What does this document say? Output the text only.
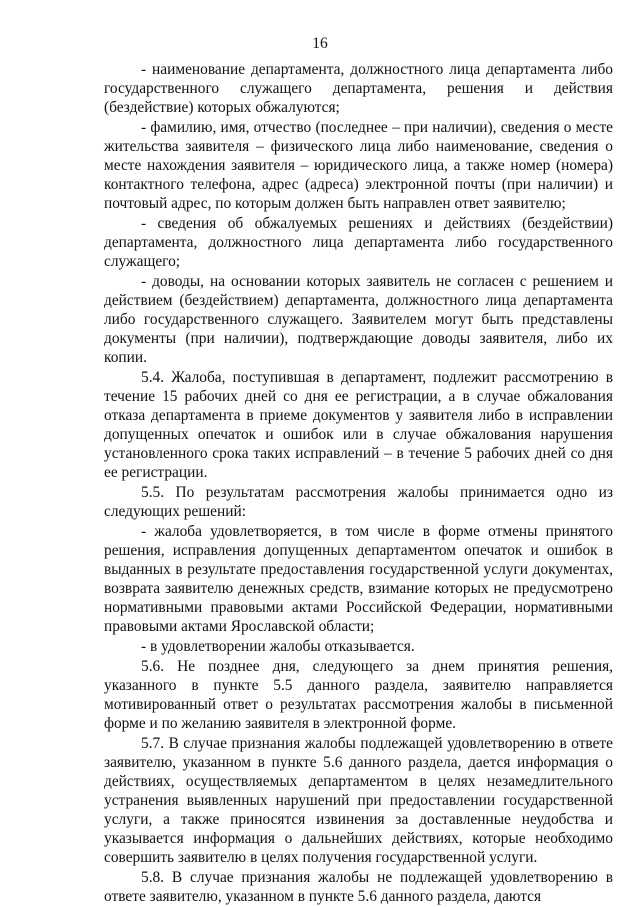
16

- наименование департамента, должностного лица департамента либо государственного служащего департамента, решения и действия (бездействие) которых обжалуются;

- фамилию, имя, отчество (последнее – при наличии), сведения о месте жительства заявителя – физического лица либо наименование, сведения о месте нахождения заявителя – юридического лица, а также номер (номера) контактного телефона, адрес (адреса) электронной почты (при наличии) и почтовый адрес, по которым должен быть направлен ответ заявителю;

- сведения об обжалуемых решениях и действиях (бездействии) департамента, должностного лица департамента либо государственного служащего;

- доводы, на основании которых заявитель не согласен с решением и действием (бездействием) департамента, должностного лица департамента либо государственного служащего. Заявителем могут быть представлены документы (при наличии), подтверждающие доводы заявителя, либо их копии.

5.4. Жалоба, поступившая в департамент, подлежит рассмотрению в течение 15 рабочих дней со дня ее регистрации, а в случае обжалования отказа департамента в приеме документов у заявителя либо в исправлении допущенных опечаток и ошибок или в случае обжалования нарушения установленного срока таких исправлений – в течение 5 рабочих дней со дня ее регистрации.

5.5. По результатам рассмотрения жалобы принимается одно из следующих решений:

- жалоба удовлетворяется, в том числе в форме отмены принятого решения, исправления допущенных департаментом опечаток и ошибок в выданных в результате предоставления государственной услуги документах, возврата заявителю денежных средств, взимание которых не предусмотрено нормативными правовыми актами Российской Федерации, нормативными правовыми актами Ярославской области;

- в удовлетворении жалобы отказывается.

5.6. Не позднее дня, следующего за днем принятия решения, указанного в пункте 5.5 данного раздела, заявителю направляется мотивированный ответ о результатах рассмотрения жалобы в письменной форме и по желанию заявителя в электронной форме.

5.7. В случае признания жалобы подлежащей удовлетворению в ответе заявителю, указанном в пункте 5.6 данного раздела, дается информация о действиях, осуществляемых департаментом в целях незамедлительного устранения выявленных нарушений при предоставлении государственной услуги, а также приносятся извинения за доставленные неудобства и указывается информация о дальнейших действиях, которые необходимо совершить заявителю в целях получения государственной услуги.

5.8. В случае признания жалобы не подлежащей удовлетворению в ответе заявителю, указанном в пункте 5.6 данного раздела, даются
